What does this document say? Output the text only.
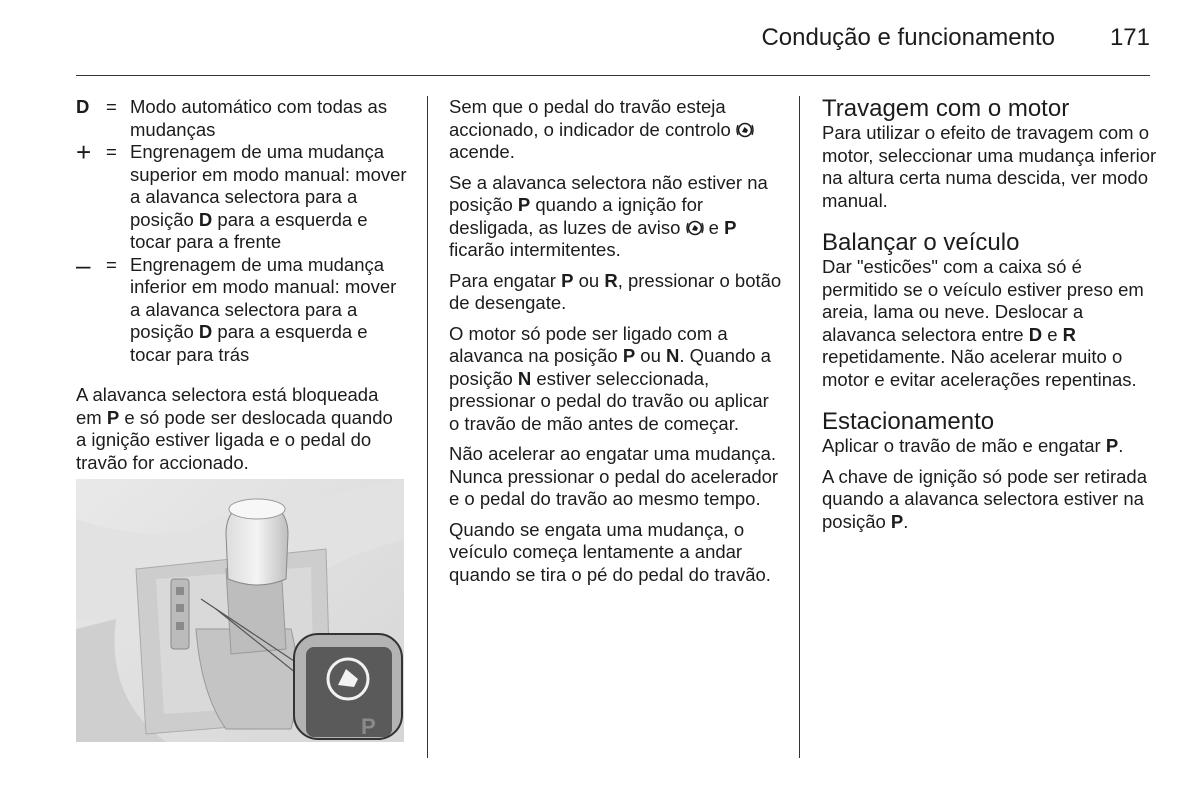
Condução e funcionamento 171
D = Modo automático com todas as mudanças
+ = Engrenagem de uma mudança superior em modo manual: mover a alavanca selectora para a posição D para a esquerda e tocar para a frente
– = Engrenagem de uma mudança inferior em modo manual: mover a alavanca selectora para a posição D para a esquerda e tocar para trás

A alavanca selectora está bloqueada em P e só pode ser deslocada quando a ignição estiver ligada e o pedal do travão for accionado.

P

Sem que o pedal do travão esteja accionado, o indicador de controlo  acende.

Se a alavanca selectora não estiver na posição P quando a ignição for desligada, as luzes de aviso  e P ficarão intermitentes.

Para engatar P ou R, pressionar o botão de desengate.

O motor só pode ser ligado com a alavanca na posição P ou N. Quando a posição N estiver seleccionada, pressionar o pedal do travão ou aplicar o travão de mão antes de começar.

Não acelerar ao engatar uma mudança. Nunca pressionar o pedal do acelerador e o pedal do travão ao mesmo tempo.

Quando se engata uma mudança, o veículo começa lentamente a andar quando se tira o pé do pedal do travão.

Travagem com o motor

Para utilizar o efeito de travagem com o motor, seleccionar uma mudança inferior na altura certa numa descida, ver modo manual.

Balançar o veículo

Dar "esticões" com a caixa só é permitido se o veículo estiver preso em areia, lama ou neve. Deslocar a alavanca selectora entre D e R repetidamente. Não acelerar muito o motor e evitar acelerações repentinas.

Estacionamento

Aplicar o travão de mão e engatar P.

A chave de ignição só pode ser retirada quando a alavanca selectora estiver na posição P.
